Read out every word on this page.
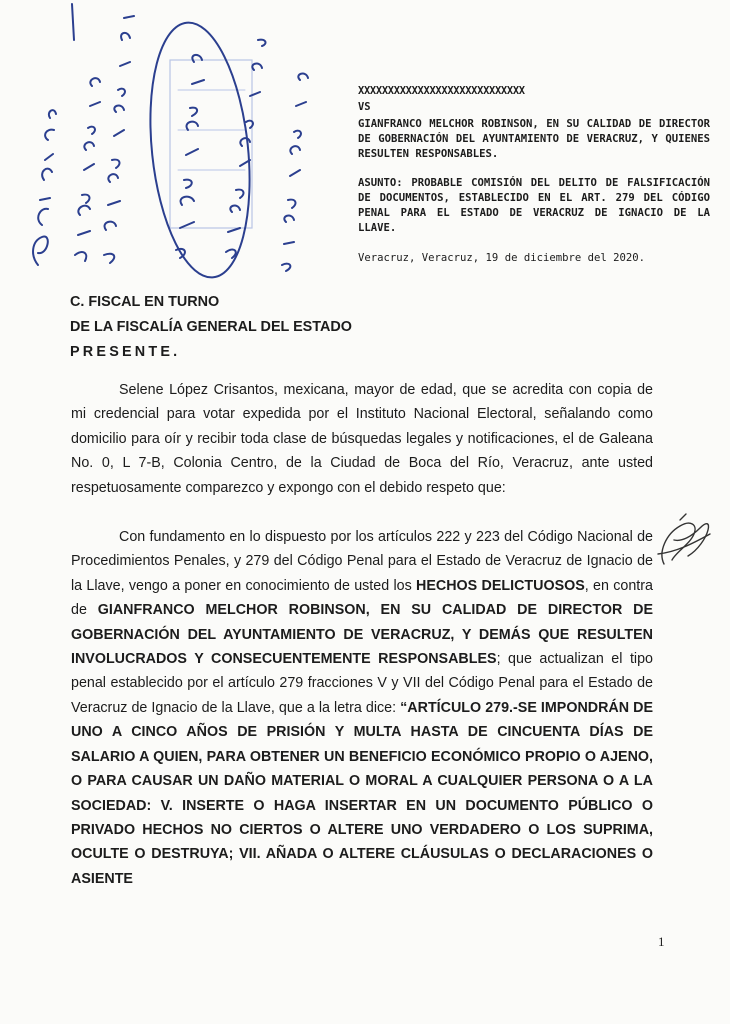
XXXXXXXXXXXXXXXXXXXXXXXXXXXX
VS
GIANFRANCO MELCHOR ROBINSON, EN SU CALIDAD DE DIRECTOR DE GOBERNACIÓN DEL AYUNTAMIENTO DE VERACRUZ, Y QUIENES RESULTEN RESPONSABLES.
ASUNTO: PROBABLE COMISIÓN DEL DELITO DE FALSIFICACIÓN DE DOCUMENTOS, ESTABLECIDO EN EL ART. 279 DEL CÓDIGO PENAL PARA EL ESTADO DE VERACRUZ DE IGNACIO DE LA LLAVE.
Veracruz, Veracruz, 19 de diciembre del 2020.
C. FISCAL EN TURNO
DE LA FISCALÍA GENERAL DEL ESTADO
PRESENTE.

Selene López Crisantos, mexicana, mayor de edad, que se acredita con copia de mi credencial para votar expedida por el Instituto Nacional Electoral, señalando como domicilio para oír y recibir toda clase de búsquedas legales y notificaciones, el de Galeana No. 0, L 7-B, Colonia Centro, de la Ciudad de Boca del Río, Veracruz, ante usted respetuosamente comparezco y expongo con el debido respeto que:

Con fundamento en lo dispuesto por los artículos 222 y 223 del Código Nacional de Procedimientos Penales, y 279 del Código Penal para el Estado de Veracruz de Ignacio de la Llave, vengo a poner en conocimiento de usted los HECHOS DELICTUOSOS, en contra de GIANFRANCO MELCHOR ROBINSON, EN SU CALIDAD DE DIRECTOR DE GOBERNACIÓN DEL AYUNTAMIENTO DE VERACRUZ, Y DEMÁS QUE RESULTEN INVOLUCRADOS Y CONSECUENTEMENTE RESPONSABLES; que actualizan el tipo penal establecido por el artículo 279 fracciones V y VII del Código Penal para el Estado de Veracruz de Ignacio de la Llave, que a la letra dice: “ARTÍCULO 279.-SE IMPONDRÁN DE UNO A CINCO AÑOS DE PRISIÓN Y MULTA HASTA DE CINCUENTA DÍAS DE SALARIO A QUIEN, PARA OBTENER UN BENEFICIO ECONÓMICO PROPIO O AJENO, O PARA CAUSAR UN DAÑO MATERIAL O MORAL A CUALQUIER PERSONA O A LA SOCIEDAD: V. INSERTE O HAGA INSERTAR EN UN DOCUMENTO PÚBLICO O PRIVADO HECHOS NO CIERTOS O ALTERE UNO VERDADERO O LOS SUPRIMA, OCULTE O DESTRUYA; VII. AÑADA O ALTERE CLÁUSULAS O DECLARACIONES O ASIENTE

1
